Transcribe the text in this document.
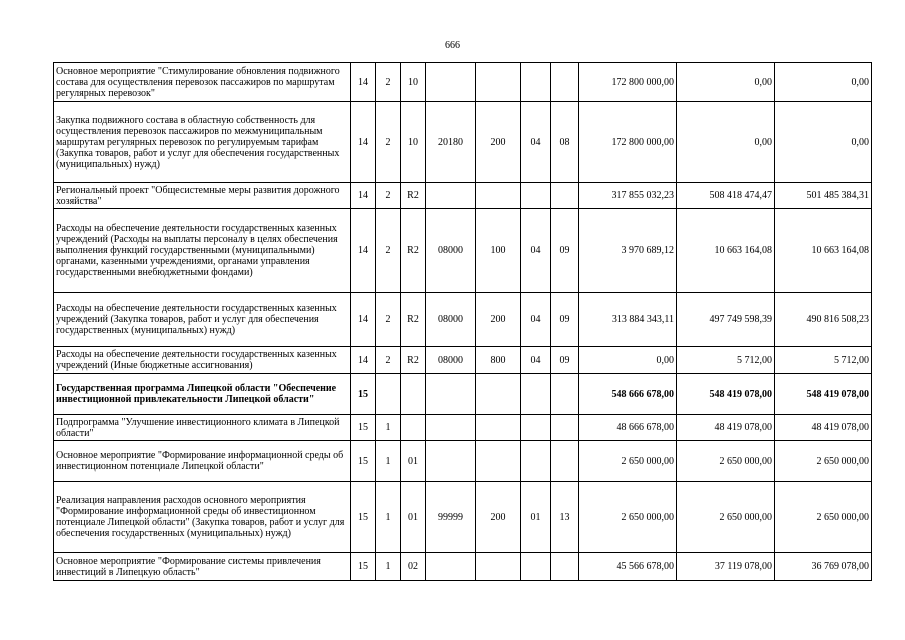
666
Основное мероприятие "Стимулирование обновления подвижного состава для осуществления перевозок пассажиров по маршрутам регулярных перевозок"	14	2	10					172 800 000,00	0,00	0,00
Закупка подвижного состава в областную собственность для осуществления перевозок пассажиров по межмуниципальным маршрутам регулярных перевозок по регулируемым тарифам (Закупка товаров, работ и услуг для обеспечения государственных (муниципальных) нужд)	14	2	10	20180	200	04	08	172 800 000,00	0,00	0,00
Региональный проект "Общесистемные меры развития дорожного хозяйства"	14	2	R2					317 855 032,23	508 418 474,47	501 485 384,31
Расходы на обеспечение деятельности государственных казенных учреждений (Расходы на выплаты персоналу в целях обеспечения выполнения функций государственными (муниципальными) органами, казенными учреждениями, органами управления государственными внебюджетными фондами)	14	2	R2	08000	100	04	09	3 970 689,12	10 663 164,08	10 663 164,08
Расходы на обеспечение деятельности государственных казенных учреждений (Закупка товаров, работ и услуг для обеспечения государственных (муниципальных) нужд)	14	2	R2	08000	200	04	09	313 884 343,11	497 749 598,39	490 816 508,23
Расходы на обеспечение деятельности государственных казенных учреждений (Иные бюджетные ассигнования)	14	2	R2	08000	800	04	09	0,00	5 712,00	5 712,00
Государственная программа Липецкой области "Обеспечение инвестиционной привлекательности Липецкой области"	15							548 666 678,00	548 419 078,00	548 419 078,00
Подпрограмма "Улучшение инвестиционного климата в Липецкой области"	15	1						48 666 678,00	48 419 078,00	48 419 078,00
Основное мероприятие "Формирование информационной среды об инвестиционном потенциале Липецкой области"	15	1	01					2 650 000,00	2 650 000,00	2 650 000,00
Реализация направления расходов основного мероприятия "Формирование информационной среды об инвестиционном потенциале Липецкой области" (Закупка товаров, работ и услуг для обеспечения государственных (муниципальных) нужд)	15	1	01	99999	200	01	13	2 650 000,00	2 650 000,00	2 650 000,00
Основное мероприятие "Формирование системы привлечения инвестиций в Липецкую область"	15	1	02					45 566 678,00	37 119 078,00	36 769 078,00
